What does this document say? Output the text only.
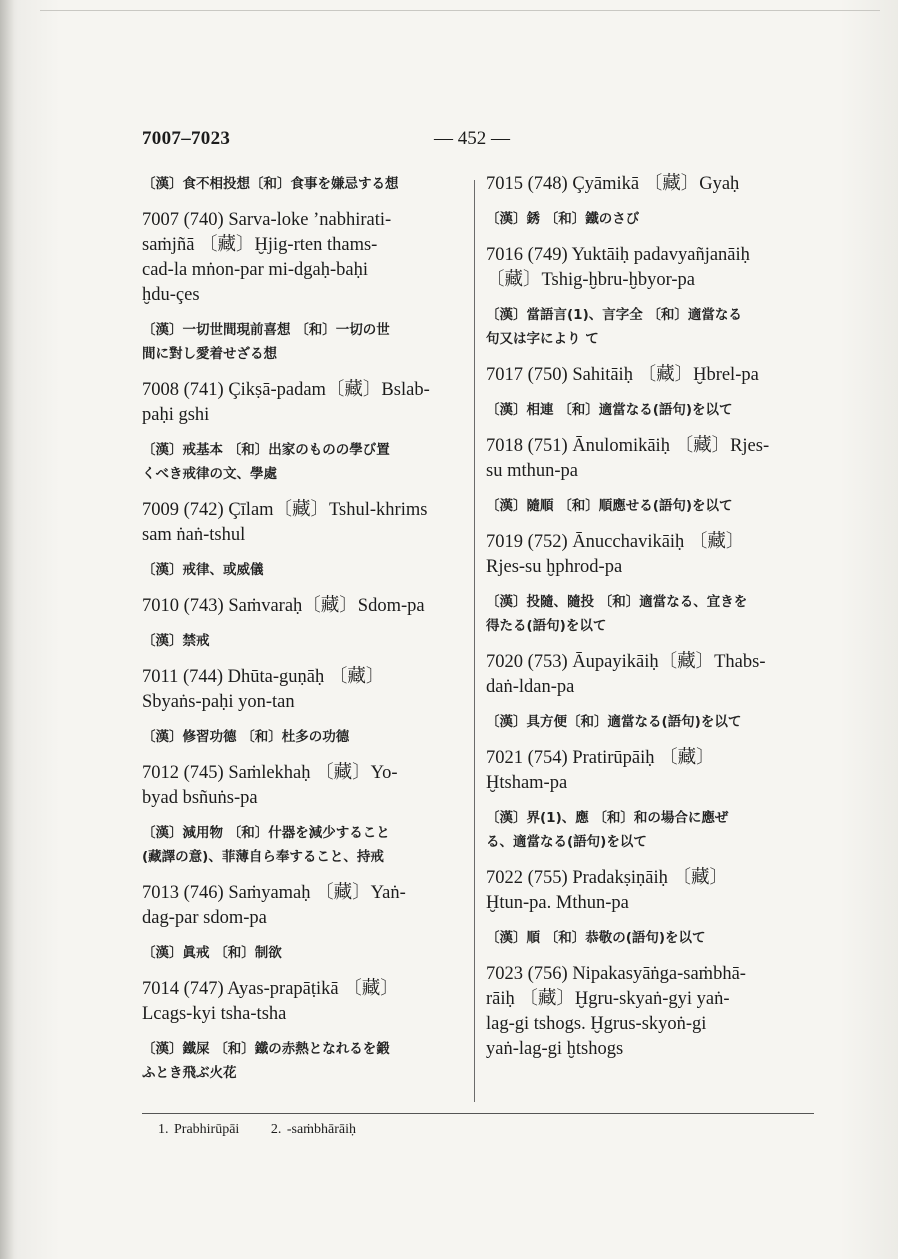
7007–7023	— 452 —
〔漢〕食不相投想〔和〕食事を嫌忌する想
7007 (740) Sarva-loke ’nabhirati-
saṁjñā 〔藏〕Ḫjig-rten thams-
cad-la mṅon-par mi-dgaḥ-baḥi
ḫdu-çes
〔漢〕一切世間現前喜想 〔和〕一切の世
間に對し愛着せざる想
7008 (741) Çikṣā-padam〔藏〕Bslab-
paḥi gshi
〔漢〕戒基本 〔和〕出家のものの學び置
くべき戒律の文、學處
7009 (742) Çīlam〔藏〕Tshul-khrims
sam ṅaṅ-tshul
〔漢〕戒律、或威儀
7010 (743) Saṁvaraḥ〔藏〕Sdom-pa
〔漢〕禁戒
7011 (744) Dhūta-guṇāḥ 〔藏〕
Sbyaṅs-paḥi yon-tan
〔漢〕修習功德 〔和〕杜多の功德
7012 (745) Saṁlekhaḥ 〔藏〕Yo-
byad bsñuṅs-pa
〔漢〕減用物 〔和〕什器を減少すること
(藏譯の意)、菲薄自ら奉すること、持戒
7013 (746) Saṁyamaḥ 〔藏〕Yaṅ-
dag-par sdom-pa
〔漢〕眞戒 〔和〕制欲
7014 (747) Ayas-prapāṭikā 〔藏〕
Lcags-kyi tsha-tsha
〔漢〕鐵屎 〔和〕鐵の赤熱となれるを鍛
ふとき飛ぶ火花
7015 (748) Çyāmikā 〔藏〕Gyaḥ
〔漢〕銹 〔和〕鐵のさび
7016 (749) Yuktāiḥ padavyañjanāiḥ
〔藏〕Tshig-ḫbru-ḫbyor-pa
〔漢〕當語言(1)、言字全 〔和〕適當なる
句又は字により て
7017 (750) Sahitāiḥ 〔藏〕Ḫbrel-pa
〔漢〕相連 〔和〕適當なる(語句)を以て
7018 (751) Ānulomikāiḥ 〔藏〕Rjes-
su mthun-pa
〔漢〕隨順 〔和〕順應せる(語句)を以て
7019 (752) Ānucchavikāiḥ 〔藏〕
Rjes-su ḫphrod-pa
〔漢〕投隨、隨投 〔和〕適當なる、宜きを
得たる(語句)を以て
7020 (753) Āupayikāiḥ〔藏〕Thabs-
daṅ-ldan-pa
〔漢〕具方便〔和〕適當なる(語句)を以て
7021 (754) Pratirūpāiḥ 〔藏〕
Ḫtsham-pa
〔漢〕界(1)、應 〔和〕和の場合に應ぜ
る、適當なる(語句)を以て
7022 (755) Pradakṣiṇāiḥ 〔藏〕
Ḫtun-pa. Mthun-pa
〔漢〕順 〔和〕恭敬の(語句)を以て
7023 (756) Nipakasyāṅga-saṁbhā-
rāiḥ 〔藏〕Ḫgru-skyaṅ-gyi yaṅ-
lag-gi tshogs. Ḫgrus-skyoṅ-gi
yaṅ-lag-gi ḫtshogs
1. Prabhirūpāi 2. -saṁbhārāiḥ
